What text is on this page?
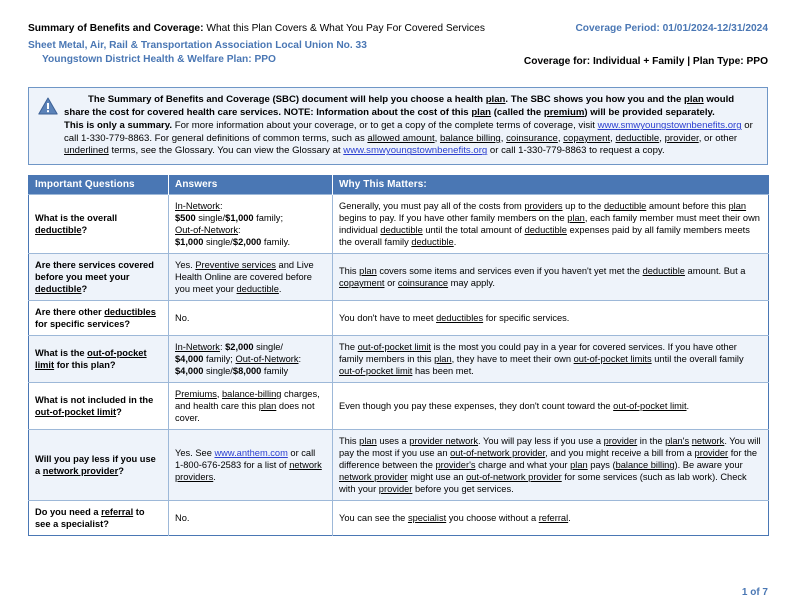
Summary of Benefits and Coverage: What this Plan Covers & What You Pay For Covered Services
Sheet Metal, Air, Rail & Transportation Association Local Union No. 33
Youngstown District Health & Welfare Plan: PPO
Coverage Period: 01/01/2024-12/31/2024
Coverage for: Individual + Family | Plan Type: PPO
The Summary of Benefits and Coverage (SBC) document will help you choose a health plan. The SBC shows you how you and the plan would share the cost for covered health care services. NOTE: Information about the cost of this plan (called the premium) will be provided separately.
This is only a summary. For more information about your coverage, or to get a copy of the complete terms of coverage, visit www.smwyoungstownbenefits.org or call 1-330-779-8863. For general definitions of common terms, such as allowed amount, balance billing, coinsurance, copayment, deductible, provider, or other underlined terms, see the Glossary. You can view the Glossary at www.smwyoungstownbenefits.org or call 1-330-779-8863 to request a copy.
Important Questions	Answers	Why This Matters:
What is the overall deductible?	In-Network:
$500 single/$1,000 family;
Out-of-Network:
$1,000 single/$2,000 family.	Generally, you must pay all of the costs from providers up to the deductible amount before this plan begins to pay. If you have other family members on the plan, each family member must meet their own individual deductible until the total amount of deductible expenses paid by all family members meets the overall family deductible.
Are there services covered before you meet your deductible?	Yes. Preventive services and Live Health Online are covered before you meet your deductible.	This plan covers some items and services even if you haven't yet met the deductible amount. But a copayment or coinsurance may apply.
Are there other deductibles for specific services?	No.	You don't have to meet deductibles for specific services.
What is the out-of-pocket limit for this plan?	In-Network: $2,000 single/
$4,000 family; Out-of-Network:
$4,000 single/$8,000 family	The out-of-pocket limit is the most you could pay in a year for covered services. If you have other family members in this plan, they have to meet their own out-of-pocket limits until the overall family out-of-pocket limit has been met.
What is not included in the out-of-pocket limit?	Premiums, balance-billing charges, and health care this plan does not cover.	Even though you pay these expenses, they don't count toward the out-of-pocket limit.
Will you pay less if you use a network provider?	Yes. See www.anthem.com or call 1-800-676-2583 for a list of network providers.	This plan uses a provider network. You will pay less if you use a provider in the plan's network. You will pay the most if you use an out-of-network provider, and you might receive a bill from a provider for the difference between the provider's charge and what your plan pays (balance billing). Be aware your network provider might use an out-of-network provider for some services (such as lab work). Check with your provider before you get services.
Do you need a referral to see a specialist?	No.	You can see the specialist you choose without a referral.
1 of 7
